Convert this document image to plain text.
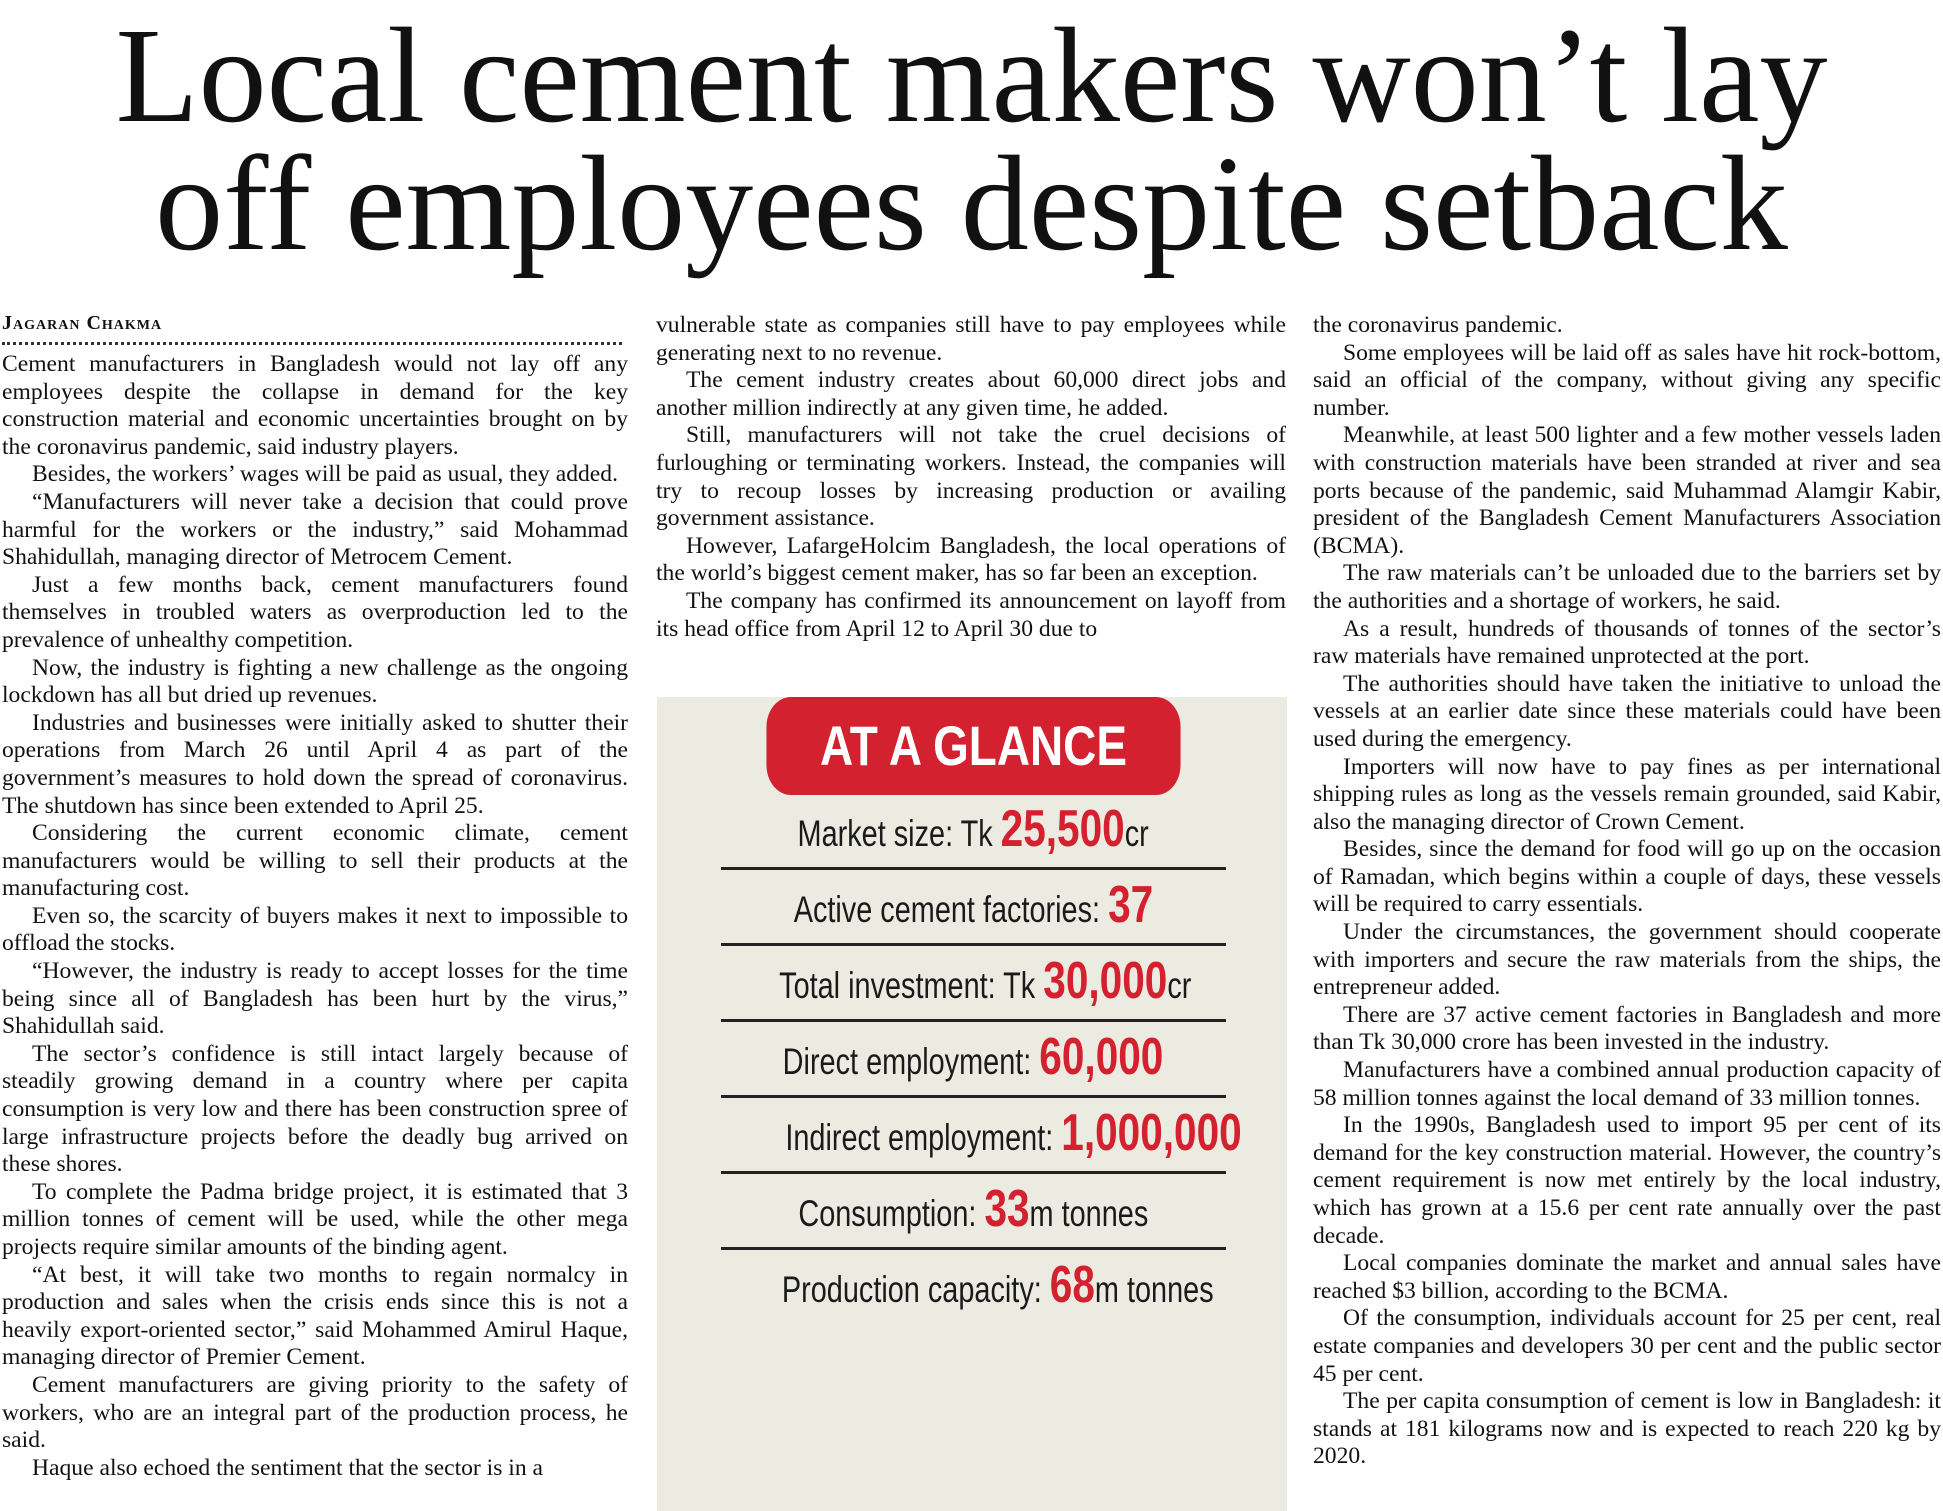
Local cement makers won’t lay
off employees despite setback
Jagaran Chakma

Cement manufacturers in Bangladesh would not lay off any employees despite the collapse in demand for the key construction material and economic uncertainties brought on by the coronavirus pandemic, said industry players.

Besides, the workers’ wages will be paid as usual, they added.

“Manufacturers will never take a decision that could prove harmful for the workers or the industry,” said Mohammad Shahidullah, managing director of Metrocem Cement.

Just a few months back, cement manufacturers found themselves in troubled waters as overproduction led to the prevalence of unhealthy competition.

Now, the industry is fighting a new challenge as the ongoing lockdown has all but dried up revenues.

Industries and businesses were initially asked to shutter their operations from March 26 until April 4 as part of the government’s measures to hold down the spread of coronavirus. The shutdown has since been extended to April 25.

Considering the current economic climate, cement manufacturers would be willing to sell their products at the manufacturing cost.

Even so, the scarcity of buyers makes it next to impossible to offload the stocks.

“However, the industry is ready to accept losses for the time being since all of Bangladesh has been hurt by the virus,” Shahidullah said.

The sector’s confidence is still intact largely because of steadily growing demand in a country where per capita consumption is very low and there has been construction spree of large infrastructure projects before the deadly bug arrived on these shores.

To complete the Padma bridge project, it is estimated that 3 million tonnes of cement will be used, while the other mega projects require similar amounts of the binding agent.

“At best, it will take two months to regain normalcy in production and sales when the crisis ends since this is not a heavily export-oriented sector,” said Mohammed Amirul Haque, managing director of Premier Cement.

Cement manufacturers are giving priority to the safety of workers, who are an integral part of the production process, he said.

Haque also echoed the sentiment that the sector is in a

vulnerable state as companies still have to pay employees while generating next to no revenue.

The cement industry creates about 60,000 direct jobs and another million indirectly at any given time, he added.

Still, manufacturers will not take the cruel decisions of furloughing or terminating workers. Instead, the companies will try to recoup losses by increasing production or availing government assistance.

However, LafargeHolcim Bangladesh, the local operations of the world’s biggest cement maker, has so far been an exception.

The company has confirmed its announcement on layoff from its head office from April 12 to April 30 due to

the coronavirus pandemic.

Some employees will be laid off as sales have hit rock-bottom, said an official of the company, without giving any specific number.

Meanwhile, at least 500 lighter and a few mother vessels laden with construction materials have been stranded at river and sea ports because of the pandemic, said Muhammad Alamgir Kabir, president of the Bangladesh Cement Manufacturers Association (BCMA).

The raw materials can’t be unloaded due to the barriers set by the authorities and a shortage of workers, he said.

As a result, hundreds of thousands of tonnes of the sector’s raw materials have remained unprotected at the port.

The authorities should have taken the initiative to unload the vessels at an earlier date since these materials could have been used during the emergency.

Importers will now have to pay fines as per international shipping rules as long as the vessels remain grounded, said Kabir, also the managing director of Crown Cement.

Besides, since the demand for food will go up on the occasion of Ramadan, which begins within a couple of days, these vessels will be required to carry essentials.

Under the circumstances, the government should cooperate with importers and secure the raw materials from the ships, the entrepreneur added.

There are 37 active cement factories in Bangladesh and more than Tk 30,000 crore has been invested in the industry.

Manufacturers have a combined annual production capacity of 58 million tonnes against the local demand of 33 million tonnes.

In the 1990s, Bangladesh used to import 95 per cent of its demand for the key construction material. However, the country’s cement requirement is now met entirely by the local industry, which has grown at a 15.6 per cent rate annually over the past decade.

Local companies dominate the market and annual sales have reached $3 billion, according to the BCMA.

Of the consumption, individuals account for 25 per cent, real estate companies and developers 30 per cent and the public sector 45 per cent.

The per capita consumption of cement is low in Bangladesh: it stands at 181 kilograms now and is expected to reach 220 kg by 2020.

AT A GLANCE
Market size: Tk 25,500cr
Active cement factories: 37
Total investment: Tk 30,000cr
Direct employment: 60,000
Indirect employment: 1,000,000
Consumption: 33m tonnes
Production capacity: 68m tonnes
